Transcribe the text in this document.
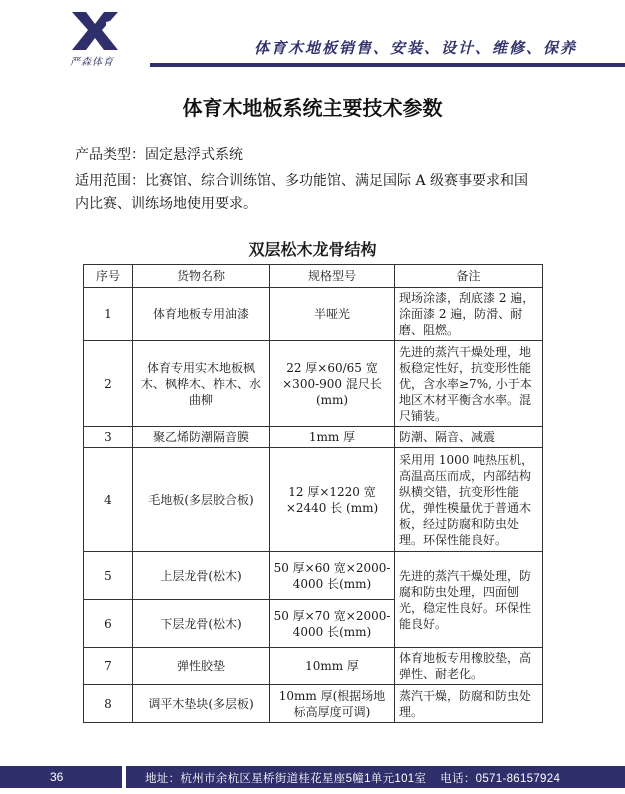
严森体育
体育木地板销售、安装、设计、维修、保养
体育木地板系统主要技术参数
产品类型：固定悬浮式系统
适用范围：比赛馆、综合训练馆、多功能馆、满足国际 A 级赛事要求和国
内比赛、训练场地使用要求。
双层松木龙骨结构
序号	货物名称	规格型号	备注
1	体育地板专用油漆	半哑光	现场涂漆，刮底漆 2 遍，涂面漆 2 遍，防滑、耐磨、阻燃。
2	体育专用实木地板枫木、枫桦木、柞木、水曲柳	22 厚×60/65 宽×300-900 混尺长(mm)	先进的蒸汽干燥处理，地板稳定性好，抗变形性能优，含水率≥7%, 小于本地区木材平衡含水率。混尺铺装。
3	聚乙烯防潮隔音膜	1mm 厚	防潮、隔音、减震
4	毛地板(多层胶合板)	12 厚×1220 宽×2440 长 (mm)	采用用 1000 吨热压机，高温高压而成，内部结构纵横交错，抗变形性能优，弹性模量优于普通木板，经过防腐和防虫处理。环保性能良好。
5	上层龙骨(松木)	50 厚×60 宽×2000-4000 长(mm)	先进的蒸汽干燥处理，防腐和防虫处理，四面刨光，稳定性良好。环保性能良好。
6	下层龙骨(松木)	50 厚×70 宽×2000-4000 长(mm)	
7	弹性胶垫	10mm 厚	体育地板专用橡胶垫，高弹性、耐老化。
8	调平木垫块(多层板)	10mm 厚(根据场地标高厚度可调)	蒸汽干燥，防腐和防虫处理。
36	地址：杭州市余杭区星桥街道桂花星座5幢1单元101室 电话：0571-86157924
